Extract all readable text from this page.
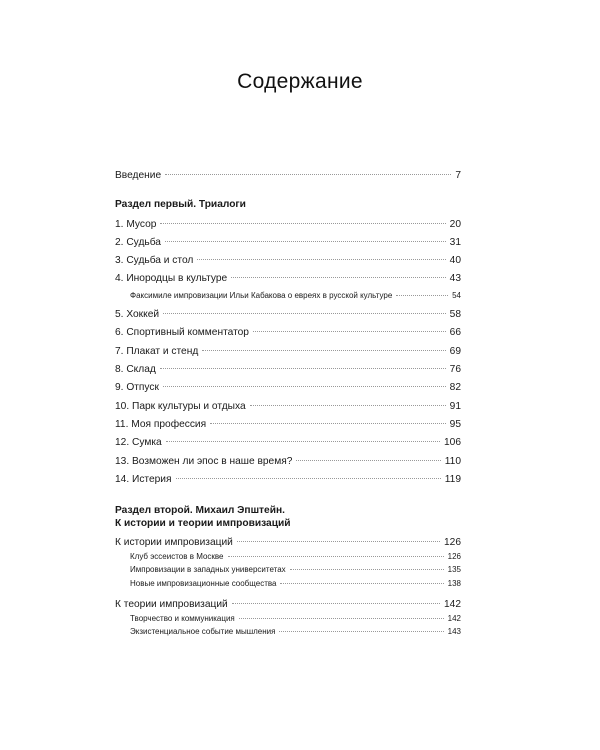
Содержание
Введение	7
Раздел первый. Триалоги
1. Мусор	20
2. Судьба	31
3. Судьба и стол	40
4. Инородцы в культуре	43
Факсимиле импровизации Ильи Кабакова о евреях в русской культуре	54
5. Хоккей	58
6. Спортивный комментатор	66
7. Плакат и стенд	69
8. Склад	76
9. Отпуск	82
10. Парк культуры и отдыха	91
11. Моя профессия	95
12. Сумка	106
13. Возможен ли эпос в наше время?	110
14. Истерия	119
Раздел второй. Михаил Эпштейн.
К истории и теории импровизаций
К истории импровизаций	126
Клуб эссеистов в Москве	126
Импровизации в западных университетах	135
Новые импровизационные сообщества	138
К теории импровизаций	142
Творчество и коммуникация	142
Экзистенциальное событие мышления	143
